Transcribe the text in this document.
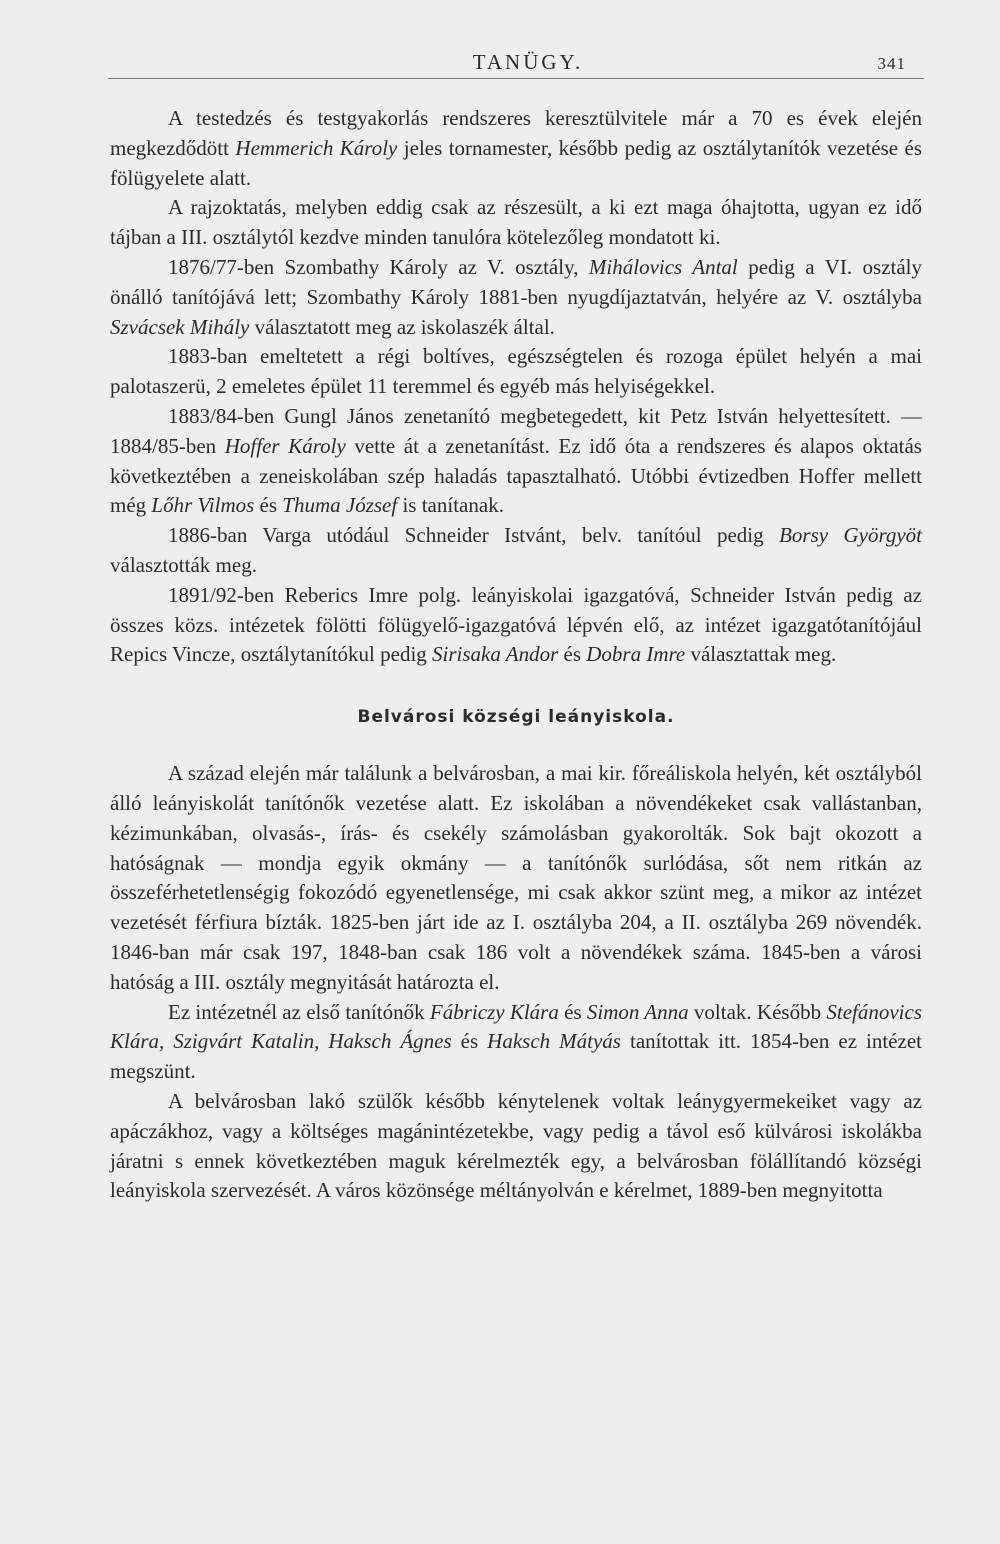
TANÜGY.	341

A testedzés és testgyakorlás rendszeres keresztülvitele már a 70 es évek elején megkezdődött Hemmerich Károly jeles tornamester, később pedig az osztálytanítók vezetése és fölügyelete alatt.

A rajzoktatás, melyben eddig csak az részesült, a ki ezt maga óhajtotta, ugyan ez idő tájban a III. osztálytól kezdve minden tanulóra kötelezőleg mondatott ki.

1876/77-ben Szombathy Károly az V. osztály, Mihálovics Antal pedig a VI. osztály önálló tanítójává lett; Szombathy Károly 1881-ben nyugdíjaztatván, helyére az V. osztályba Szvácsek Mihály választatott meg az iskolaszék által.

1883-ban emeltetett a régi boltíves, egészségtelen és rozoga épület helyén a mai palotaszerü, 2 emeletes épület 11 teremmel és egyéb más helyiségekkel.

1883/84-ben Gungl János zenetanító megbetegedett, kit Petz István helyettesített. — 1884/85-ben Hoffer Károly vette át a zenetanítást. Ez idő óta a rendszeres és alapos oktatás következtében a zeneiskolában szép haladás tapasztalható. Utóbbi évtizedben Hoffer mellett még Lőhr Vilmos és Thuma József is tanítanak.

1886-ban Varga utódául Schneider Istvánt, belv. tanítóul pedig Borsy Györgyöt választották meg.

1891/92-ben Reberics Imre polg. leányiskolai igazgatóvá, Schneider István pedig az összes közs. intézetek fölötti fölügyelő-igazgatóvá lépvén elő, az intézet igazgatótanítójául Repics Vincze, osztálytanítókul pedig Sirisaka Andor és Dobra Imre választattak meg.

Belvárosi községi leányiskola.

A század elején már találunk a belvárosban, a mai kir. főreáliskola helyén, két osztályból álló leányiskolát tanítónők vezetése alatt. Ez iskolában a növendékeket csak vallástanban, kézimunkában, olvasás-, írás- és csekély számolásban gyakorolták. Sok bajt okozott a hatóságnak — mondja egyik okmány — a tanítónők surlódása, sőt nem ritkán az összeférhetetlenségig fokozódó egyenetlensége, mi csak akkor szünt meg, a mikor az intézet vezetését férfiura bízták. 1825-ben járt ide az I. osztályba 204, a II. osztályba 269 növendék. 1846-ban már csak 197, 1848-ban csak 186 volt a növendékek száma. 1845-ben a városi hatóság a III. osztály megnyitását határozta el.

Ez intézetnél az első tanítónők Fábriczy Klára és Simon Anna voltak. Később Stefánovics Klára, Szigvárt Katalin, Haksch Ágnes és Haksch Mátyás tanítottak itt. 1854-ben ez intézet megszünt.

A belvárosban lakó szülők később kénytelenek voltak leánygyermekeiket vagy az apáczákhoz, vagy a költséges magánintézetekbe, vagy pedig a távol eső külvárosi iskolákba járatni s ennek következtében maguk kérelmezték egy, a belvárosban fölállítandó községi leányiskola szervezését. A város közönsége méltányolván e kérelmet, 1889-ben megnyitotta
